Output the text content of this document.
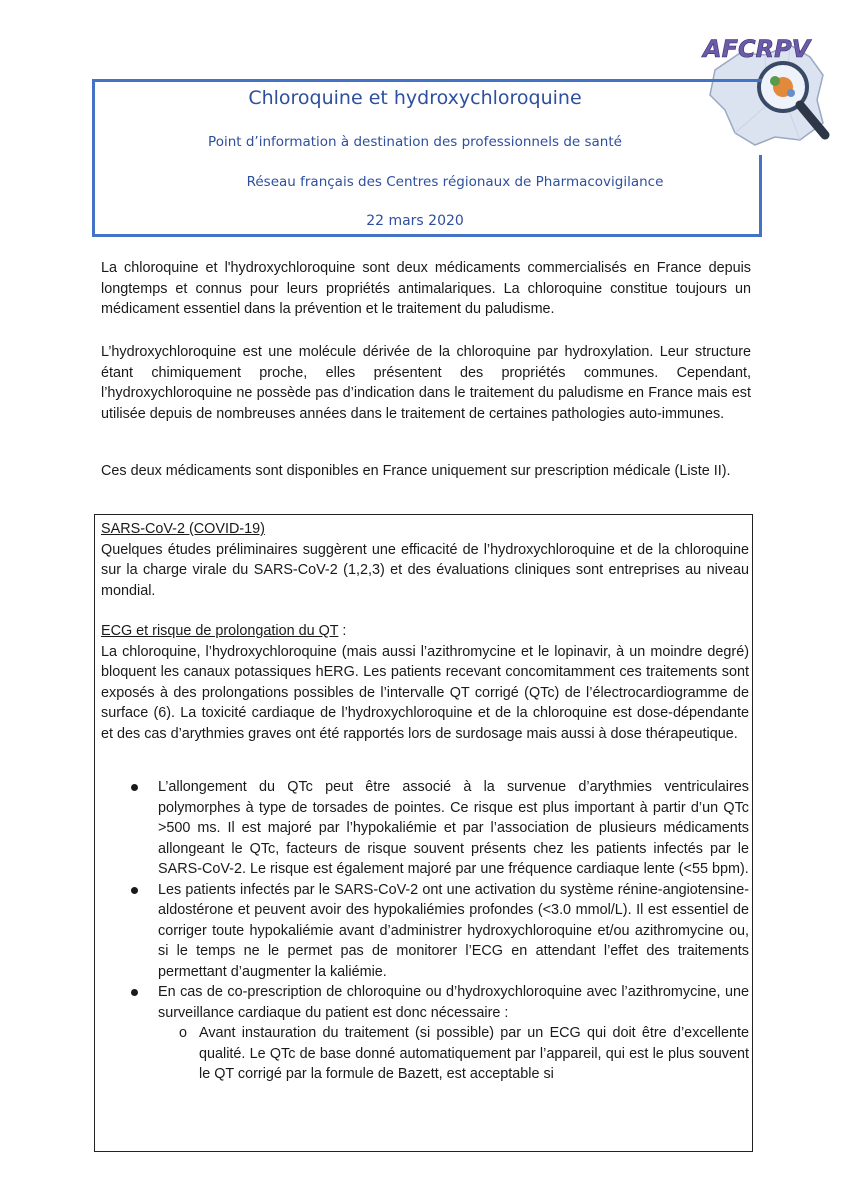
AFCRPV
Chloroquine et hydroxychloroquine
Point d’information à destination des professionnels de santé
Réseau français des Centres régionaux de Pharmacovigilance
22 mars 2020

La chloroquine et l'hydroxychloroquine sont deux médicaments commercialisés en France depuis longtemps et connus pour leurs propriétés antimalariques. La chloroquine constitue toujours un médicament essentiel dans la prévention et le traitement du paludisme.

L’hydroxychloroquine est une molécule dérivée de la chloroquine par hydroxylation. Leur structure étant chimiquement proche, elles présentent des propriétés communes. Cependant, l’hydroxychloroquine ne possède pas d’indication dans le traitement du paludisme en France mais est utilisée depuis de nombreuses années dans le traitement de certaines pathologies auto-immunes.

Ces deux médicaments sont disponibles en France uniquement sur prescription médicale (Liste II).

SARS-CoV-2 (COVID-19)

Quelques études préliminaires suggèrent une efficacité de l’hydroxychloroquine et de la chloroquine sur la charge virale du SARS-CoV-2 (1,2,3) et des évaluations cliniques sont entreprises au niveau mondial.

ECG et risque de prolongation du QT :

La chloroquine, l’hydroxychloroquine (mais aussi l’azithromycine et le lopinavir, à un moindre degré) bloquent les canaux potassiques hERG. Les patients recevant concomitamment ces traitements sont exposés à des prolongations possibles de l’intervalle QT corrigé (QTc) de l’électrocardiogramme de surface (6). La toxicité cardiaque de l’hydroxychloroquine et de la chloroquine est dose-dépendante et des cas d’arythmies graves ont été rapportés lors de surdosage mais aussi à dose thérapeutique.

L’allongement du QTc peut être associé à la survenue d’arythmies ventriculaires polymorphes à type de torsades de pointes. Ce risque est plus important à partir d’un QTc >500 ms. Il est majoré par l’hypokaliémie et par l’association de plusieurs médicaments allongeant le QTc, facteurs de risque souvent présents chez les patients infectés par le SARS-CoV-2. Le risque est également majoré par une fréquence cardiaque lente (<55 bpm).
Les patients infectés par le SARS-CoV-2 ont une activation du système rénine-angiotensine-aldostérone et peuvent avoir des hypokaliémies profondes (<3.0 mmol/L). Il est essentiel de corriger toute hypokaliémie avant d’administrer hydroxychloroquine et/ou azithromycine ou, si le temps ne le permet pas de monitorer l’ECG en attendant l’effet des traitements permettant d’augmenter la kaliémie.
En cas de co-prescription de chloroquine ou d’hydroxychloroquine avec l’azithromycine, une surveillance cardiaque du patient est donc nécessaire :
o Avant instauration du traitement (si possible) par un ECG qui doit être d’excellente qualité. Le QTc de base donné automatiquement par l’appareil, qui est le plus souvent le QT corrigé par la formule de Bazett, est acceptable si
